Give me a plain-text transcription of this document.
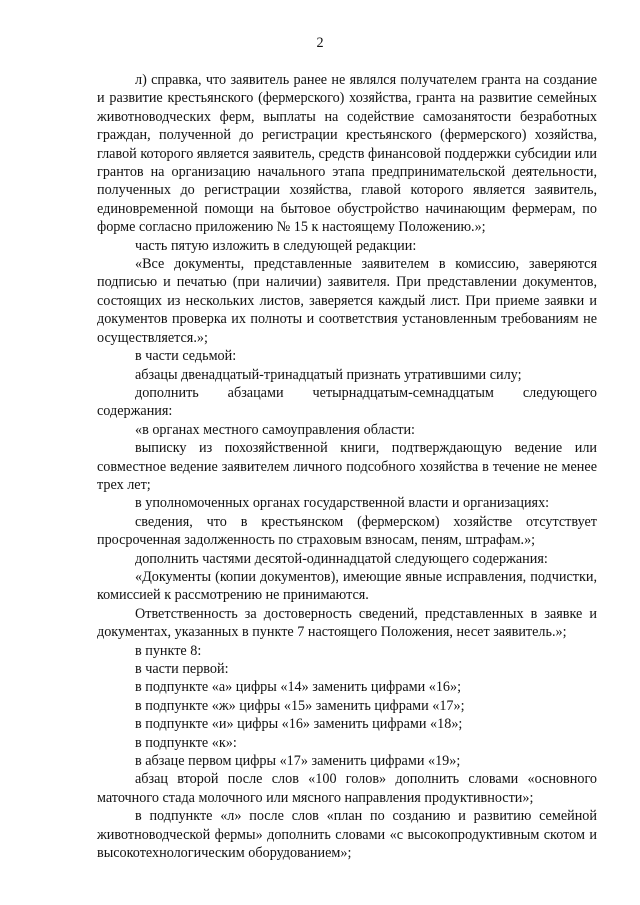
2

л) справка, что заявитель ранее не являлся получателем гранта на создание и развитие крестьянского (фермерского) хозяйства, гранта на развитие семейных животноводческих ферм, выплаты на содействие самозанятости безработных граждан, полученной до регистрации крестьянского (фермерского) хозяйства, главой которого является заявитель, средств финансовой поддержки субсидии или грантов на организацию начального этапа предпринимательской деятельности, полученных до регистрации хозяйства, главой которого является заявитель, единовременной помощи на бытовое обустройство начинающим фермерам, по форме согласно приложению № 15 к настоящему Положению.»;

часть пятую изложить в следующей редакции:

«Все документы, представленные заявителем в комиссию, заверяются подписью и печатью (при наличии) заявителя. При представлении документов, состоящих из нескольких листов, заверяется каждый лист. При приеме заявки и документов проверка их полноты и соответствия установленным требованиям не осуществляется.»;

в части седьмой:

абзацы двенадцатый-тринадцатый признать утратившими силу;

дополнить абзацами четырнадцатым-семнадцатым следующего содержания:

«в органах местного самоуправления области:

выписку из похозяйственной книги, подтверждающую ведение или совместное ведение заявителем личного подсобного хозяйства в течение не менее трех лет;

в уполномоченных органах государственной власти и организациях:

сведения, что в крестьянском (фермерском) хозяйстве отсутствует просроченная задолженность по страховым взносам, пеням, штрафам.»;

дополнить частями десятой-одиннадцатой следующего содержания:

«Документы (копии документов), имеющие явные исправления, подчистки, комиссией к рассмотрению не принимаются.

Ответственность за достоверность сведений, представленных в заявке и документах, указанных в пункте 7 настоящего Положения, несет заявитель.»;

в пункте 8:

в части первой:

в подпункте «а» цифры «14» заменить цифрами «16»;

в подпункте «ж» цифры «15» заменить цифрами «17»;

в подпункте «и» цифры «16» заменить цифрами «18»;

в подпункте «к»:

в абзаце первом цифры «17» заменить цифрами «19»;

абзац второй после слов «100 голов» дополнить словами «основного маточного стада молочного или мясного направления продуктивности»;

в подпункте «л» после слов «план по созданию и развитию семейной животноводческой фермы» дополнить словами «с высокопродуктивным скотом и высокотехнологическим оборудованием»;
